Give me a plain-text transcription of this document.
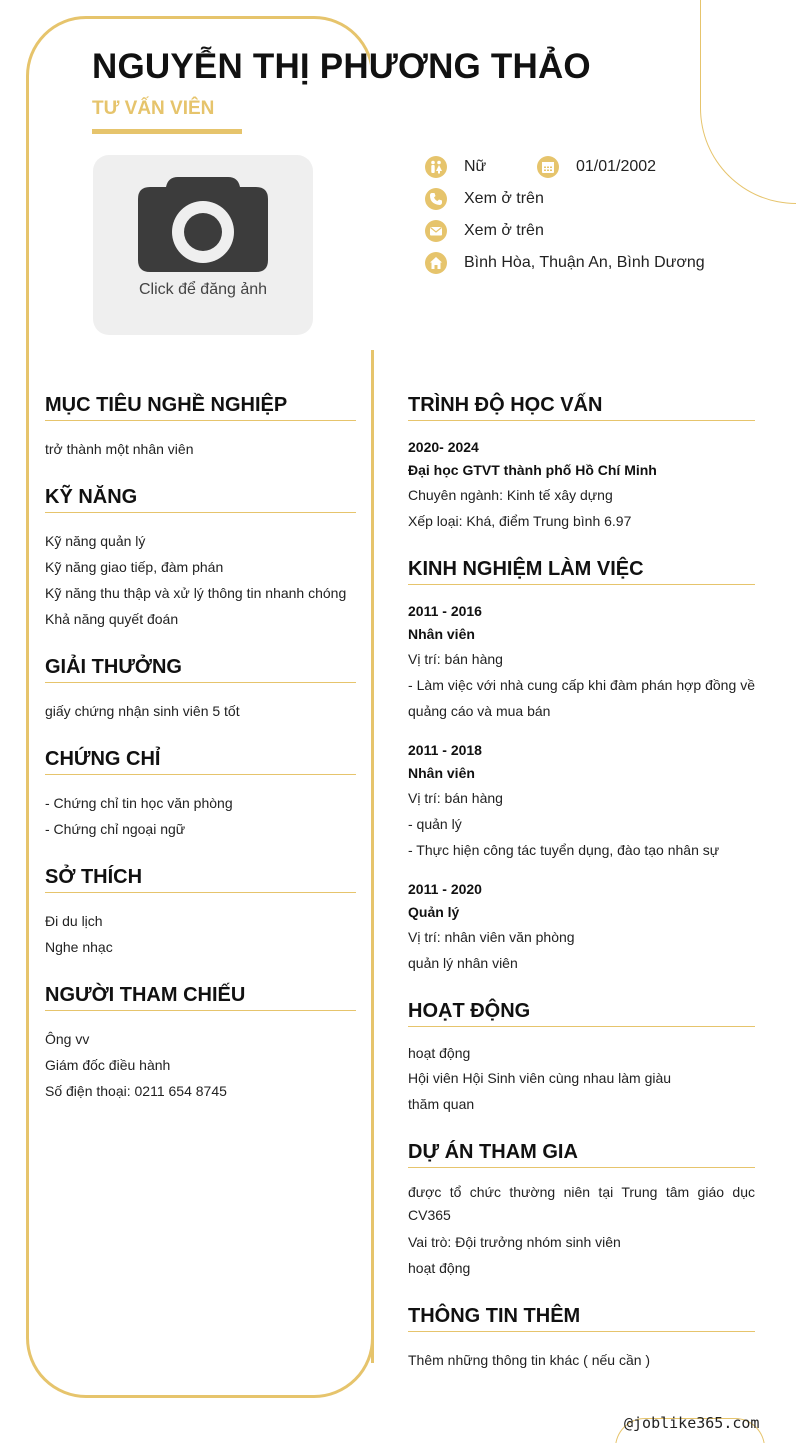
NGUYỄN THỊ PHƯƠNG THẢO
TƯ VẤN VIÊN
Click để đăng ảnh
Nữ	01/01/2002
Xem ở trên
Xem ở trên
Bình Hòa, Thuận An, Bình Dương
MỤC TIÊU NGHỀ NGHIỆP
trở thành một nhân viên
KỸ NĂNG
Kỹ năng quản lý
Kỹ năng giao tiếp, đàm phán
Kỹ năng thu thập và xử lý thông tin nhanh chóng
Khả năng quyết đoán
GIẢI THƯỞNG
giấy chứng nhận sinh viên 5 tốt
CHỨNG CHỈ
- Chứng chỉ tin học văn phòng
- Chứng chỉ ngoại ngữ
SỞ THÍCH
Đi du lịch
Nghe nhạc
NGƯỜI THAM CHIẾU
Ông vv
Giám đốc điều hành
Số điện thoại: 0211 654 8745
TRÌNH ĐỘ HỌC VẤN
2020- 2024
Đại học GTVT thành phố Hồ Chí Minh
Chuyên ngành: Kinh tế xây dựng
Xếp loại: Khá, điểm Trung bình 6.97
KINH NGHIỆM LÀM VIỆC
2011 - 2016
Nhân viên
Vị trí: bán hàng
- Làm việc với nhà cung cấp khi đàm phán hợp đồng về quảng cáo và mua bán
2011 - 2018
Nhân viên
Vị trí: bán hàng
- quản lý
- Thực hiện công tác tuyển dụng, đào tạo nhân sự
2011 - 2020
Quản lý
Vị trí: nhân viên văn phòng
quản lý nhân viên
HOẠT ĐỘNG
hoạt động
Hội viên Hội Sinh viên cùng nhau làm giàu
thăm quan
DỰ ÁN THAM GIA
được tổ chức thường niên tại Trung tâm giáo dục CV365
Vai trò: Đội trưởng nhóm sinh viên
hoạt động
THÔNG TIN THÊM
Thêm những thông tin khác ( nếu cần )
@joblike365.com
